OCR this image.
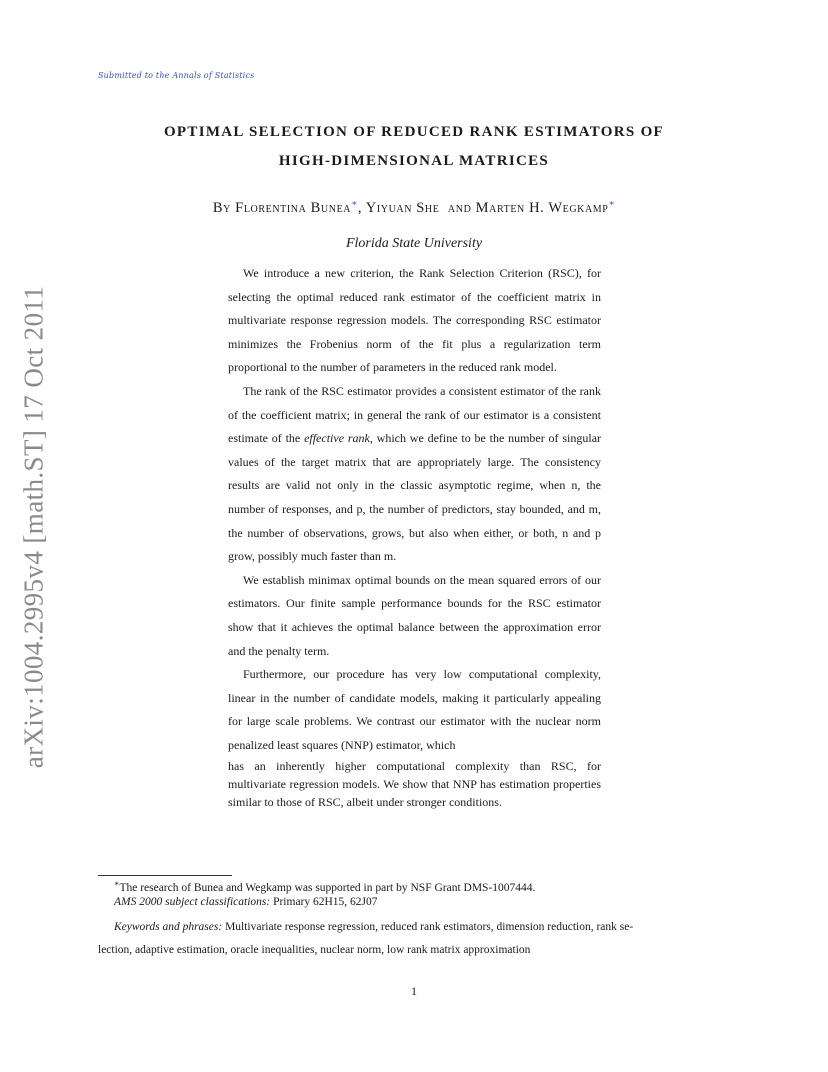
Submitted to the Annals of Statistics
OPTIMAL SELECTION OF REDUCED RANK ESTIMATORS OF
HIGH-DIMENSIONAL MATRICES
By Florentina Bunea∗, Yiyuan She and Marten H. Wegkamp∗
Florida State University
arXiv:1004.2995v4 [math.ST] 17 Oct 2011

We introduce a new criterion, the Rank Selection Criterion (RSC), for selecting the optimal reduced rank estimator of the coefficient matrix in multivariate response regression models. The corresponding RSC estimator minimizes the Frobenius norm of the fit plus a regularization term proportional to the number of parameters in the reduced rank model.

The rank of the RSC estimator provides a consistent estimator of the rank of the coefficient matrix; in general the rank of our estimator is a consistent estimate of the effective rank, which we define to be the number of singular values of the target matrix that are appropriately large. The consistency results are valid not only in the classic asymptotic regime, when n, the number of responses, and p, the number of predictors, stay bounded, and m, the number of observations, grows, but also when either, or both, n and p grow, possibly much faster than m.

We establish minimax optimal bounds on the mean squared errors of our estimators. Our finite sample performance bounds for the RSC estimator show that it achieves the optimal balance between the approximation error and the penalty term.

Furthermore, our procedure has very low computational complexity, linear in the number of candidate models, making it particularly appealing for large scale problems. We contrast our estimator with the nuclear norm penalized least squares (NNP) estimator, which

has an inherently higher computational complexity than RSC, for multivariate regression models. We show that NNP has estimation properties similar to those of RSC, albeit under stronger conditions.

∗The research of Bunea and Wegkamp was supported in part by NSF Grant DMS-1007444.
AMS 2000 subject classifications: Primary 62H15, 62J07
Keywords and phrases: Multivariate response regression, reduced rank estimators, dimension reduction, rank se-
lection, adaptive estimation, oracle inequalities, nuclear norm, low rank matrix approximation
1
